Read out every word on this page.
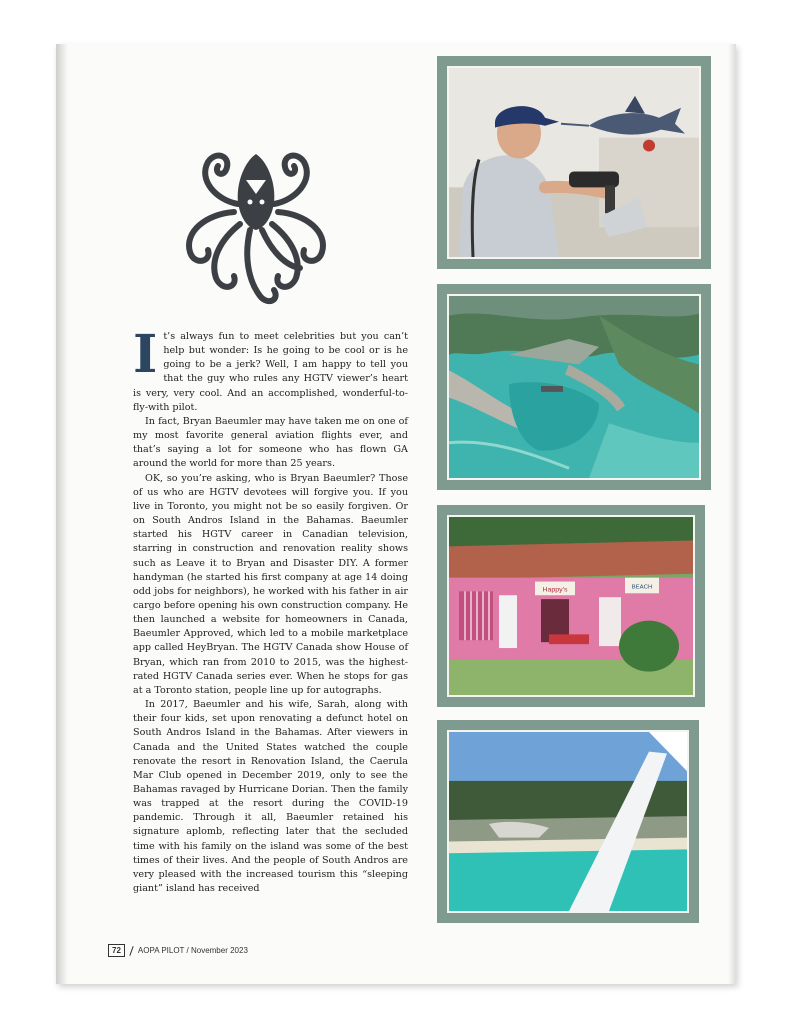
It’s always fun to meet celebrities but you can’t help but wonder: Is he going to be cool or is he going to be a jerk? Well, I am happy to tell you that the guy who rules any HGTV viewer’s heart is very, very cool. And an accomplished, wonderful-to-fly-with pilot.

In fact, Bryan Baeumler may have taken me on one of my most favorite general aviation flights ever, and that’s saying a lot for someone who has flown GA around the world for more than 25 years.

OK, so you’re asking, who is Bryan Baeumler? Those of us who are HGTV devotees will forgive you. If you live in Toronto, you might not be so easily forgiven. Or on South Andros Island in the Bahamas. Baeumler started his HGTV career in Canadian television, starring in construction and renovation reality shows such as Leave it to Bryan and Disaster DIY. A former handyman (he started his first company at age 14 doing odd jobs for neighbors), he worked with his father in air cargo before opening his own construction company. He then launched a website for homeowners in Canada, Baeumler Approved, which led to a mobile marketplace app called HeyBryan. The HGTV Canada show House of Bryan, which ran from 2010 to 2015, was the highest-rated HGTV Canada series ever. When he stops for gas at a Toronto station, people line up for autographs.

In 2017, Baeumler and his wife, Sarah, along with their four kids, set upon renovating a defunct hotel on South Andros Island in the Bahamas. After viewers in Canada and the United States watched the couple renovate the resort in Renovation Island, the Caerula Mar Club opened in December 2019, only to see the Bahamas ravaged by Hurricane Dorian. Then the family was trapped at the resort during the COVID-19 pandemic. Through it all, Baeumler retained his signature aplomb, reflecting later that the secluded time with his family on the island was some of the best times of their lives. And the people of South Andros are very pleased with the increased tourism this “sleeping giant” island has received

72	AOPA PILOT / November 2023
Happy's	BEACH
